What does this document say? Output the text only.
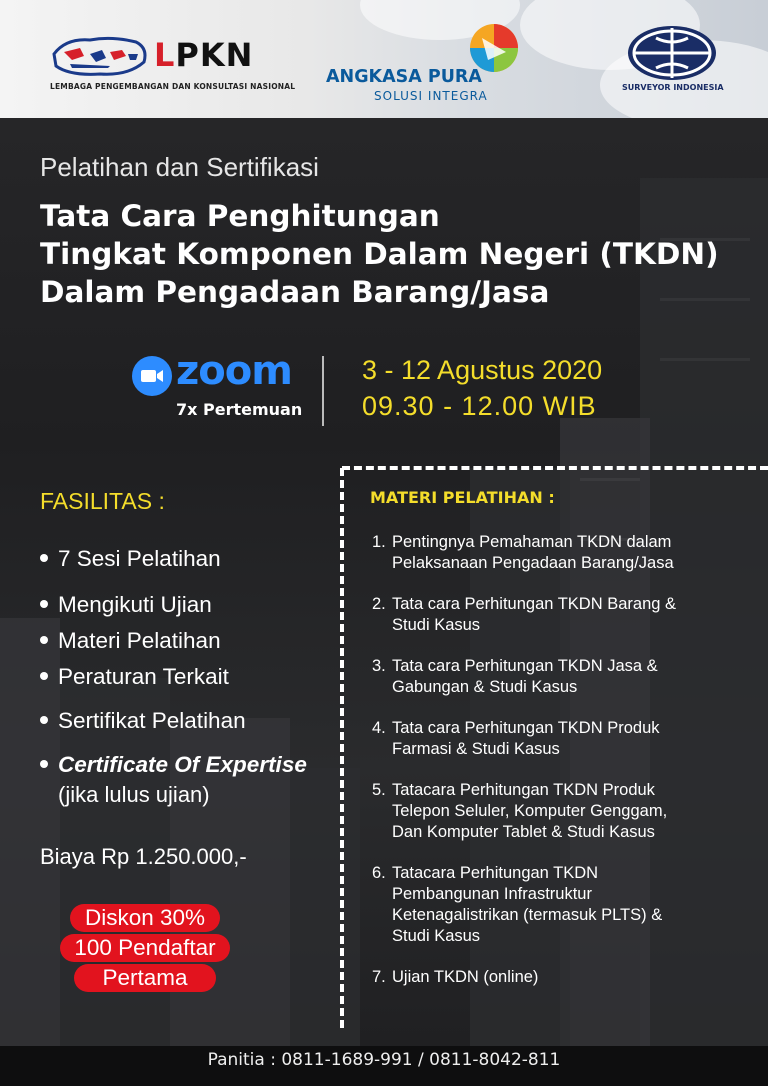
LPKN
LEMBAGA PENGEMBANGAN DAN KONSULTASI NASIONAL ANGKASA PURA
SOLUSI INTEGRA
SURVEYOR INDONESIA
Pelatihan dan Sertifikasi
Tata Cara Penghitungan
Tingkat Komponen Dalam Negeri (TKDN)
Dalam Pengadaan Barang/Jasa
zoom
7x Pertemuan
3 - 12 Agustus 2020
09.30 - 12.00 WIB
FASILITAS :
7 Sesi Pelatihan
Mengikuti Ujian
Materi Pelatihan
Peraturan Terkait
Sertifikat Pelatihan
Certificate Of Expertise
(jika lulus ujian)
Biaya Rp 1.250.000,-
Diskon 30%
100 Pendaftar
Pertama
MATERI PELATIHAN :
1. Pentingnya Pemahaman TKDN dalam
Pelaksanaan Pengadaan Barang/Jasa
2. Tata cara Perhitungan TKDN Barang &
Studi Kasus
3. Tata cara Perhitungan TKDN Jasa &
Gabungan & Studi Kasus
4. Tata cara Perhitungan TKDN Produk
Farmasi & Studi Kasus
5. Tatacara Perhitungan TKDN Produk
Telepon Seluler, Komputer Genggam,
Dan Komputer Tablet & Studi Kasus
6. Tatacara Perhitungan TKDN
Pembangunan Infrastruktur
Ketenagalistrikan (termasuk PLTS) &
Studi Kasus
7. Ujian TKDN (online)
Panitia : 0811-1689-991 / 0811-8042-811
